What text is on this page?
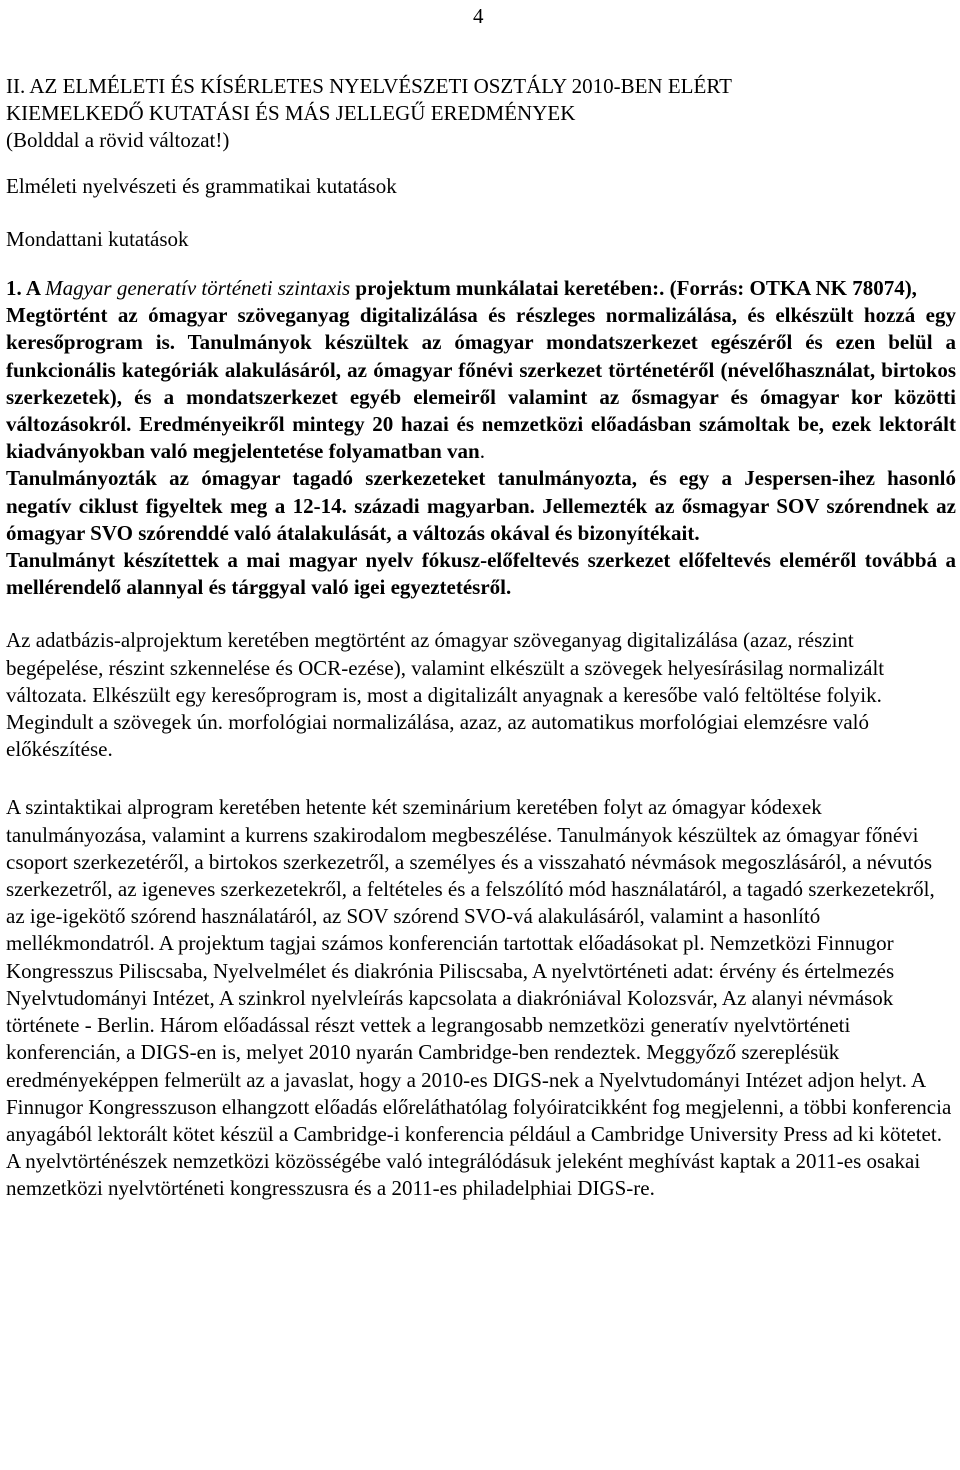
4
II. AZ ELMÉLETI ÉS KÍSÉRLETES NYELVÉSZETI OSZTÁLY 2010-BEN ELÉRT
KIEMELKEDŐ KUTATÁSI ÉS MÁS JELLEGŰ EREDMÉNYEK
(Bolddal a rövid változat!)
Elméleti nyelvészeti és grammatikai kutatások
Mondattani kutatások
1. A Magyar generatív történeti szintaxis projektum munkálatai keretében:. (Forrás: OTKA NK 78074),
Megtörtént az ómagyar szöveganyag digitalizálása és részleges normalizálása, és elkészült hozzá egy keresőprogram is. Tanulmányok készültek az ómagyar mondatszerkezet egészéről és ezen belül a funkcionális kategóriák alakulásáról, az ómagyar főnévi szerkezet történetéről (névelőhasználat, birtokos szerkezetek), és a mondatszerkezet egyéb elemeiről valamint az ősmagyar és ómagyar kor közötti változásokról. Eredményeikről mintegy 20 hazai és nemzetközi előadásban számoltak be, ezek lektorált kiadványokban való megjelentetése folyamatban van.
Tanulmányozták az ómagyar tagadó szerkezeteket tanulmányozta, és egy a Jespersen-ihez hasonló negatív ciklust figyeltek meg a 12-14. századi magyarban. Jellemezték az ősmagyar SOV szórendnek az ómagyar SVO szórenddé való átalakulását, a változás okával és bizonyítékait.
Tanulmányt készítettek a mai magyar nyelv fókusz-előfeltevés szerkezet előfeltevés eleméről továbbá a mellérendelő alannyal és tárggyal való igei egyeztetésről.
Az adatbázis-alprojektum keretében megtörtént az ómagyar szöveganyag digitalizálása (azaz, részint begépelése, részint szkennelése és OCR-ezése), valamint elkészült a szövegek helyesírásilag normalizált változata. Elkészült egy keresőprogram is, most a digitalizált anyagnak a keresőbe való feltöltése folyik. Megindult a szövegek ún. morfológiai normalizálása, azaz, az automatikus morfológiai elemzésre való előkészítése.
A szintaktikai alprogram keretében hetente két szeminárium keretében folyt az ómagyar kódexek tanulmányozása, valamint a kurrens szakirodalom megbeszélése. Tanulmányok készültek az ómagyar főnévi csoport szerkezetéről, a birtokos szerkezetről, a személyes és a visszaható névmások megoszlásáról, a névutós szerkezetről, az igeneves szerkezetekről, a feltételes és a felszólító mód használatáról, a tagadó szerkezetekről, az ige-igekötő szórend használatáról, az SOV szórend SVO-vá alakulásáról, valamint a hasonlító mellékmondatról. A projektum tagjai számos konferencián tartottak előadásokat pl. Nemzetközi Finnugor Kongresszus Piliscsaba, Nyelvelmélet és diakrónia Piliscsaba, A nyelvtörténeti adat: érvény és értelmezés Nyelvtudományi Intézet, A szinkrol nyelvleírás kapcsolata a diakróniával Kolozsvár, Az alanyi névmások története - Berlin. Három előadással részt vettek a legrangosabb nemzetközi generatív nyelvtörténeti konferencián, a DIGS-en is, melyet 2010 nyarán Cambridge-ben rendeztek. Meggyőző szereplésük eredményeképpen felmerült az a javaslat, hogy a 2010-es DIGS-nek a Nyelvtudományi Intézet adjon helyt. A Finnugor Kongresszuson elhangzott előadás előreláthatólag folyóiratcikként fog megjelenni, a többi konferencia anyagából lektorált kötet készül a Cambridge-i konferencia például a Cambridge University Press ad ki kötetet. A nyelvtörténészek nemzetközi közösségébe való integrálódásuk jeleként meghívást kaptak a 2011-es osakai nemzetközi nyelvtörténeti kongresszusra és a 2011-es philadelphiai DIGS-re.
